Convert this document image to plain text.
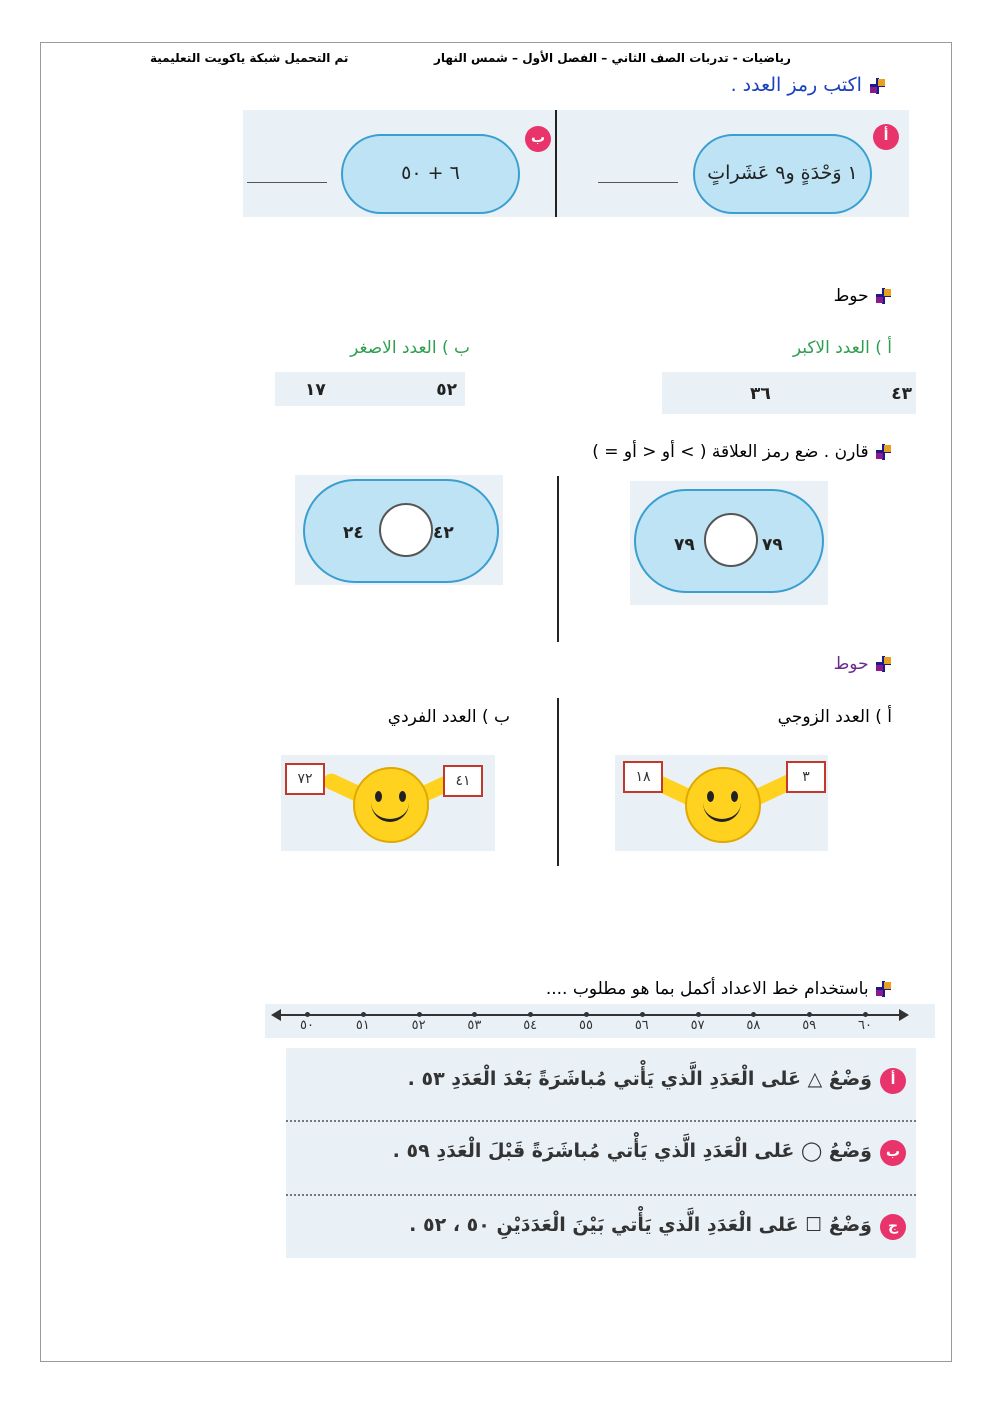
تم التحميل شبكة ياكويت التعليمية	رياضيات - تدربات الصف الثاني – الفصل الأول – شمس النهار
اكتب رمز العدد .
أ
١ وَحْدَةٍ و٩ عَشَراتٍ
ب
٦ + ٥٠
حوط
أ ) العدد الاكبر
ب ) العدد الاصغر
٤٣
٣٦
٥٢
١٧
قارن . ضع رمز العلاقة ( > أو < أو = )
٧٩
٧٩
٤٢
٢٤
حوط
أ ) العدد الزوجي
ب ) العدد الفردي
٣
١٨
٤١
٧٢
باستخدام خط الاعداد أكمل بما هو مطلوب ....
٦٠
٥٩
٥٨
٥٧
٥٦
٥٥
٥٤
٥٣
٥٢
٥١
٥٠
أ
وَضْعُ △ عَلى الْعَدَدِ الَّذي يَأْتي مُباشَرَةً بَعْدَ الْعَدَدِ ٥٣ .
ب
وَضْعُ ◯ عَلى الْعَدَدِ الَّذي يَأْتي مُباشَرَةً قَبْلَ الْعَدَدِ ٥٩ .
ج
وَضْعُ ☐ عَلى الْعَدَدِ الَّذي يَأْتي بَيْنَ الْعَدَدَيْنِ ٥٠ ، ٥٢ .
